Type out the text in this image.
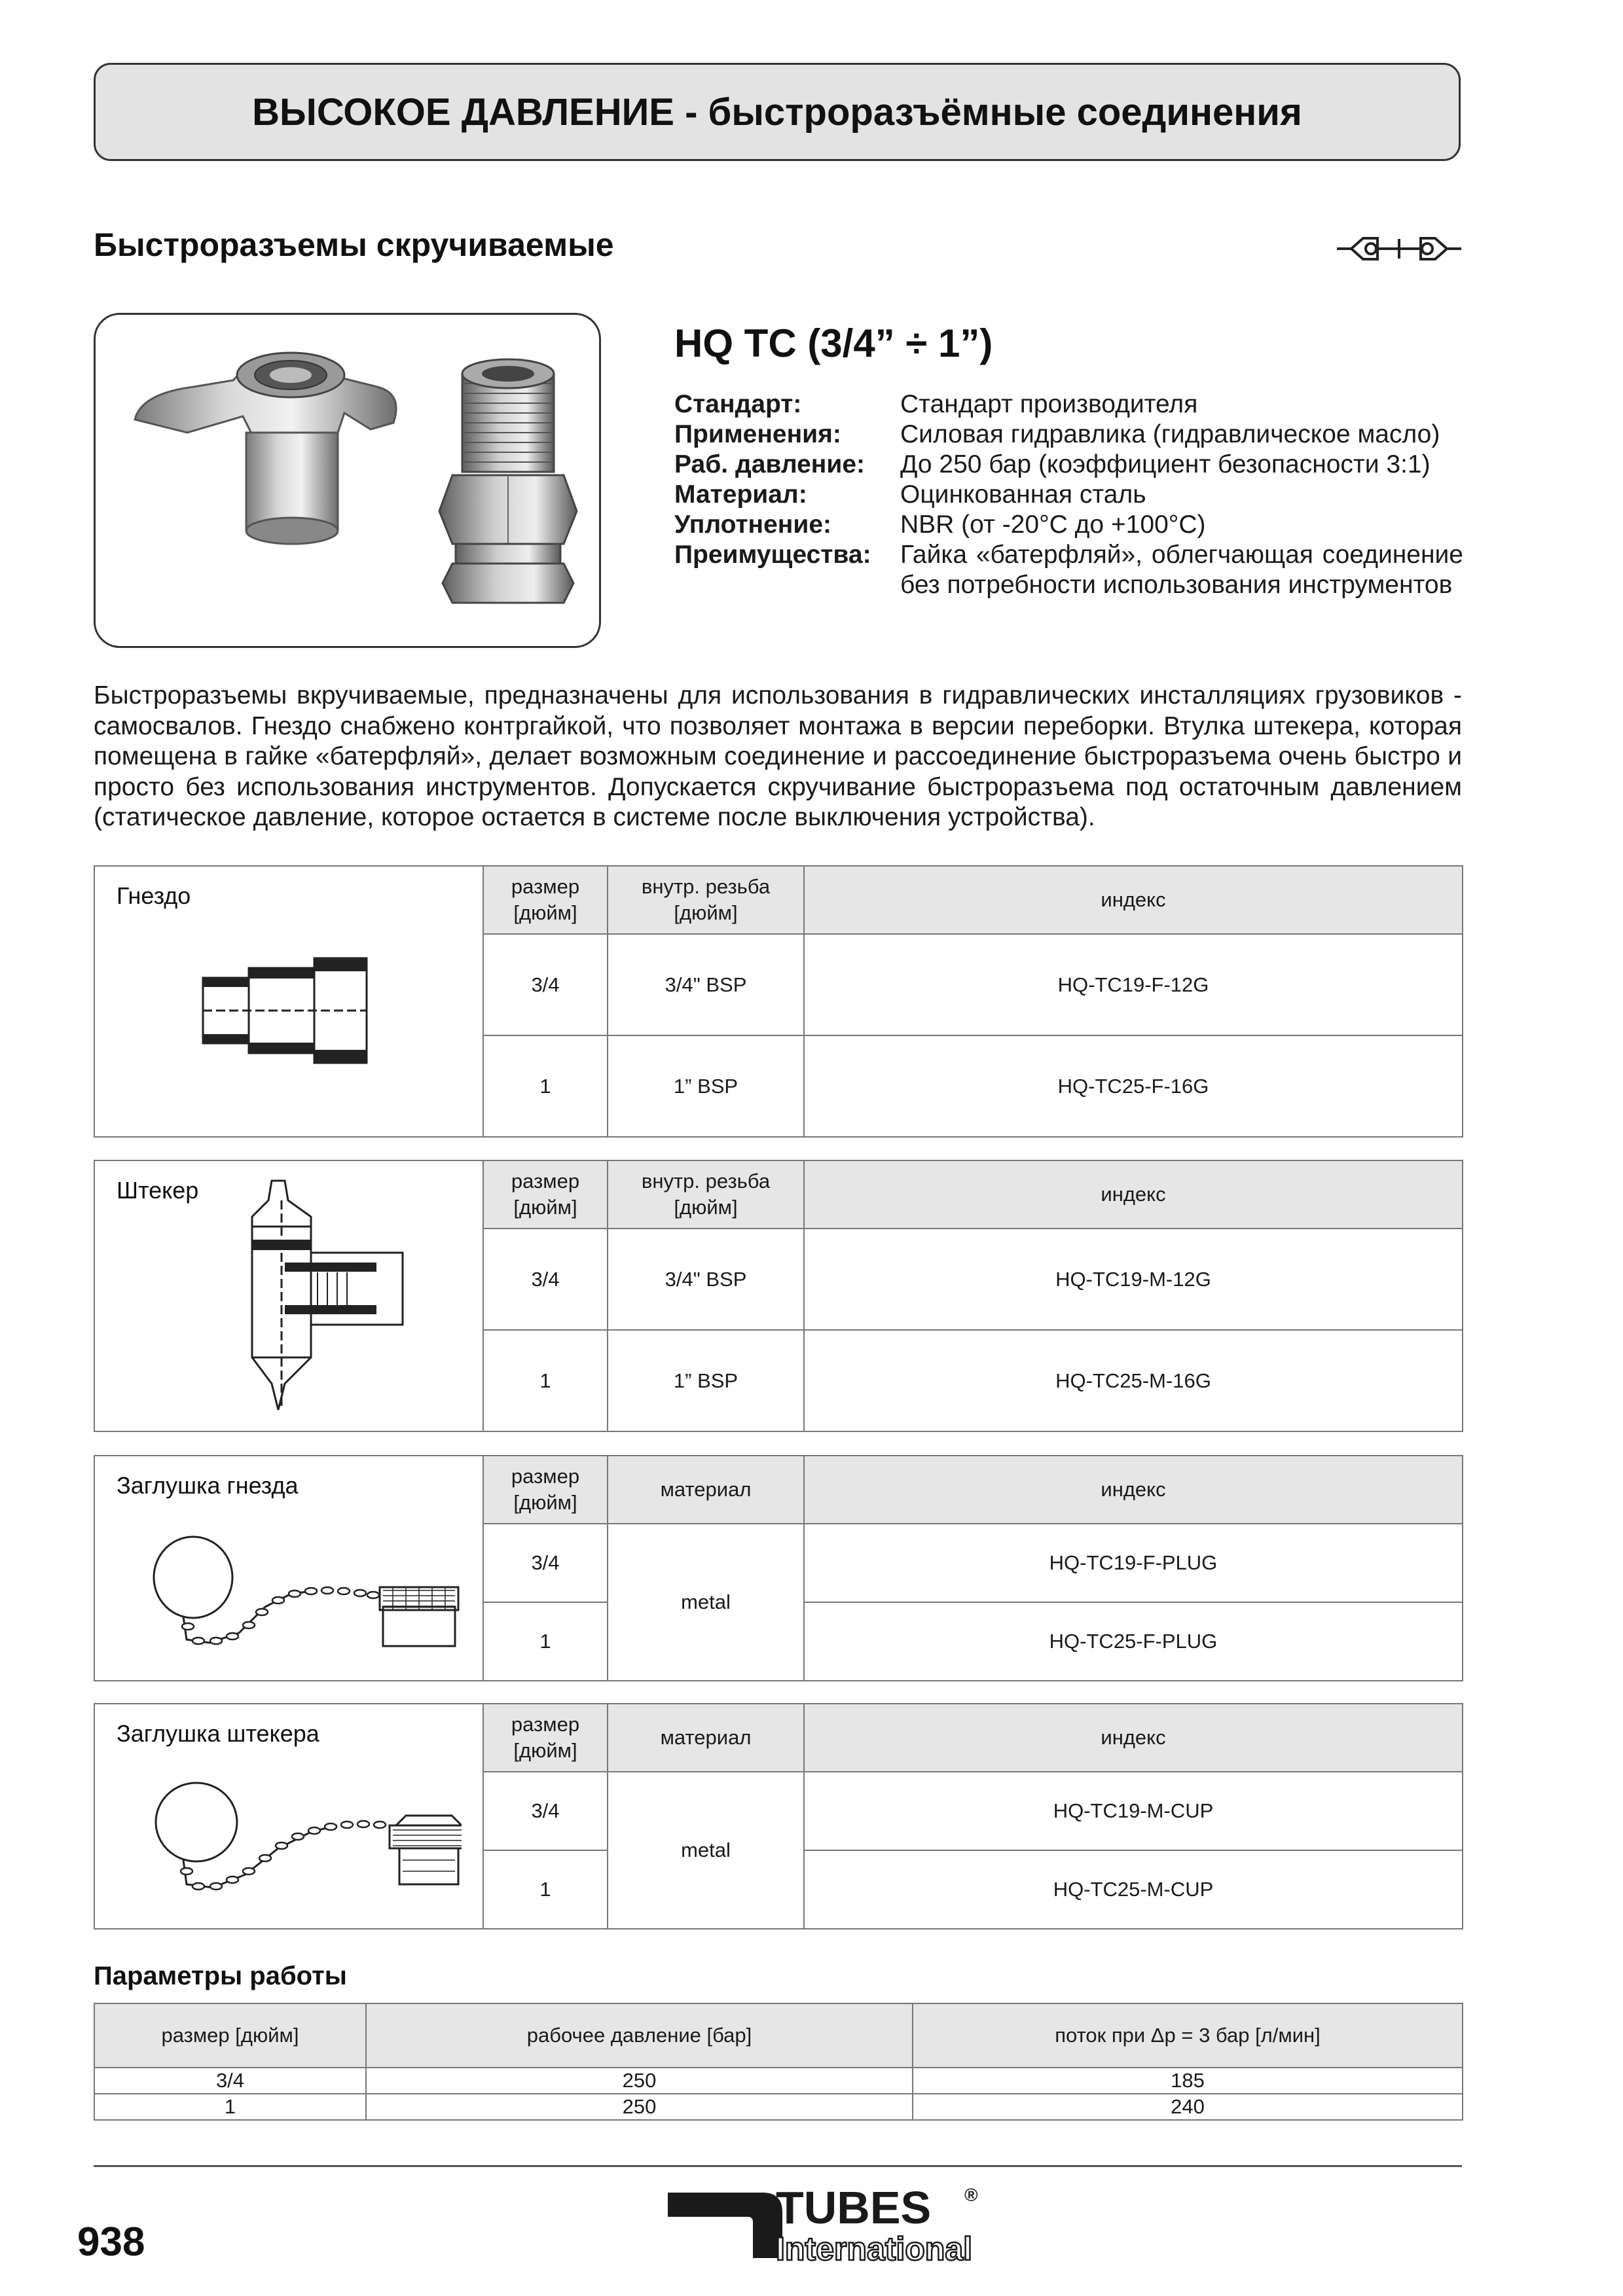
ВЫСОКОЕ ДАВЛЕНИЕ - быстроразъёмные соединения
Быстроразъемы скручиваемые
HQ TC (3/4” ÷ 1”)
Стандарт:	Стандарт производителя
Применения:	Силовая гидравлика (гидравлическое масло)
Раб. давление:	До 250 бар (коэффициент безопасности 3:1)
Материал:	Оцинкованная сталь
Уплотнение:	NBR (от -20°C до +100°C)
Преимущества:	Гайка «батерфляй», облегчающая соединение без потребности использования инструментов
Быстроразъемы вкручиваемые, предназначены для использования в гидравлических инсталляциях грузовиков - самосвалов. Гнездо снабжено контргайкой, что позволяет монтажа в версии переборки. Втулка штекера, которая помещена в гайке «батерфляй», делает возможным соединение и рассоединение быстроразъема очень быстро и просто без использования инструментов. Допускается скручивание быстроразъема под остаточным давлением (статическое давление, которое остается в системе после выключения устройства).
Гнездо	размер [дюйм]	внутр. резьба [дюйм]	индекс
	3/4	3/4" BSP	HQ-TC19-F-12G
	1	1” BSP	HQ-TC25-F-16G
Штекер	размер [дюйм]	внутр. резьба [дюйм]	индекс
	3/4	3/4" BSP	HQ-TC19-M-12G
	1	1” BSP	HQ-TC25-M-16G
Заглушка гнезда	размер [дюйм]	материал	индекс
	3/4	metal	HQ-TC19-F-PLUG
	1		HQ-TC25-F-PLUG
Заглушка штекера	размер [дюйм]	материал	индекс
	3/4	metal	HQ-TC19-M-CUP
	1		HQ-TC25-M-CUP
Параметры работы
размер [дюйм]	рабочее давление [бар]	поток при Δp = 3 бар [л/мин]
3/4	250	185
1	250	240
938
TUBES ®
International
